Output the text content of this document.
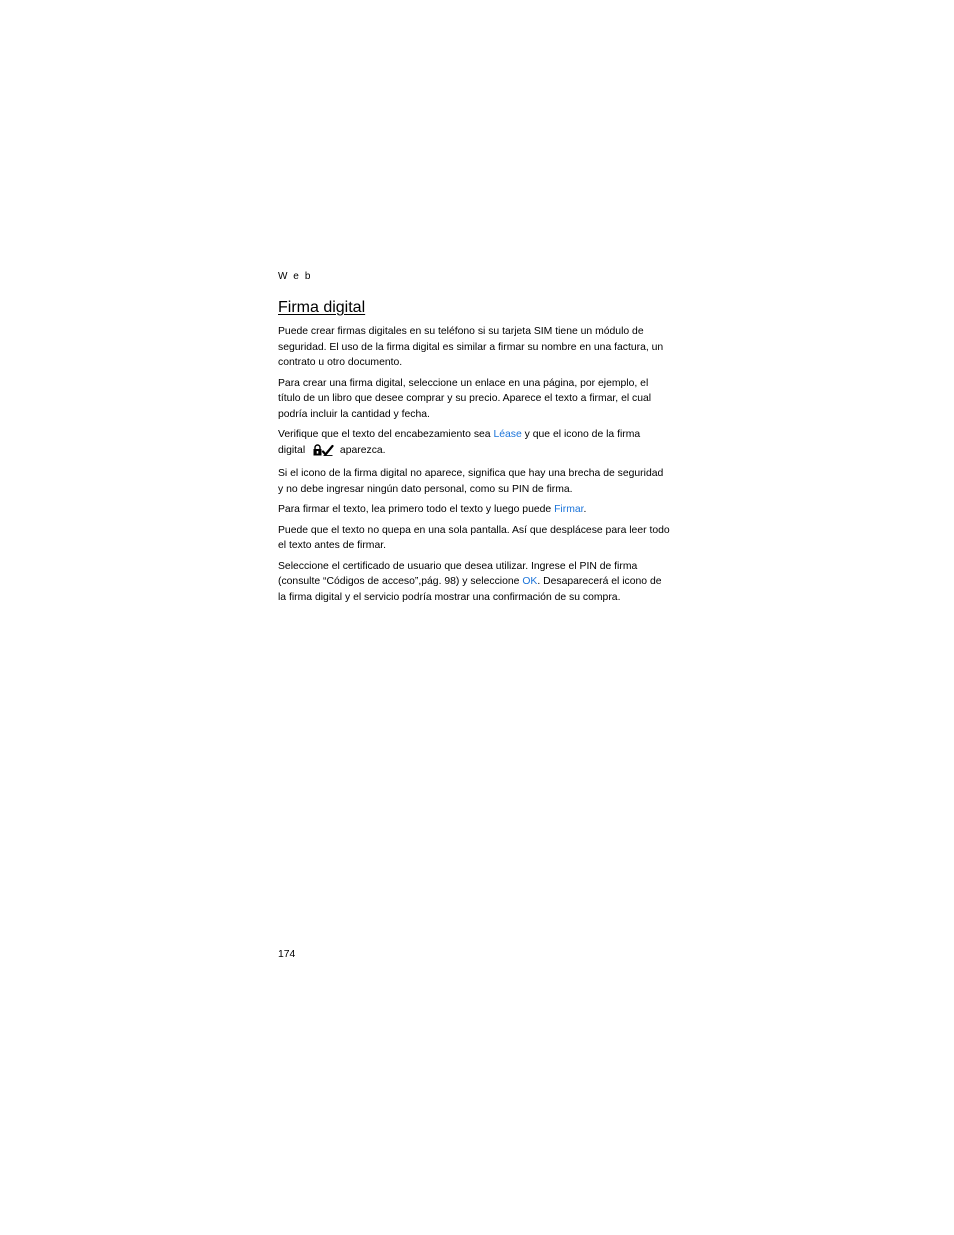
Web
Firma digital

Puede crear firmas digitales en su teléfono si su tarjeta SIM tiene un módulo de seguridad. El uso de la firma digital es similar a firmar su nombre en una factura, un contrato u otro documento.

Para crear una firma digital, seleccione un enlace en una página, por ejemplo, el título de un libro que desee comprar y su precio. Aparece el texto a firmar, el cual podría incluir la cantidad y fecha.

Verifique que el texto del encabezamiento sea Léase y que el icono de la firma digital	aparezca.

Si el icono de la firma digital no aparece, significa que hay una brecha de seguridad y no debe ingresar ningún dato personal, como su PIN de firma.

Para firmar el texto, lea primero todo el texto y luego puede Firmar.

Puede que el texto no quepa en una sola pantalla. Así que desplácese para leer todo el texto antes de firmar.

Seleccione el certificado de usuario que desea utilizar. Ingrese el PIN de firma (consulte “Códigos de acceso”,pág. 98) y seleccione OK. Desaparecerá el icono de la firma digital y el servicio podría mostrar una confirmación de su compra.

174
